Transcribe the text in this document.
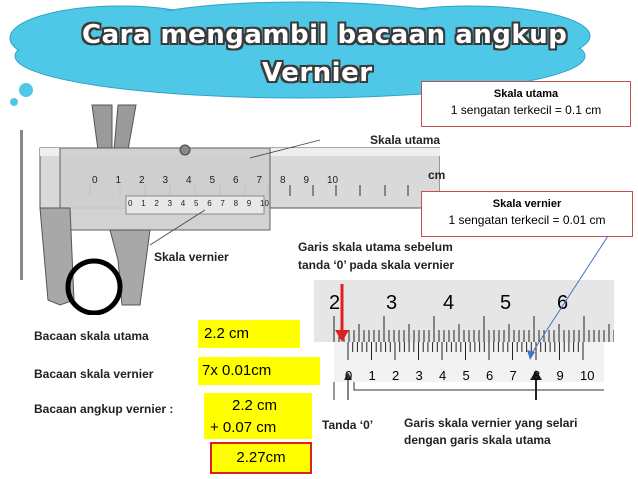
Cara mengambil bacaan angkup
Vernier
Skala utama
cm
Skala vernier
0 1 2 3 4 5 6 7 8 9 10
0 1 2 3 4 5 6 7 8 9 10
Skala utama
1 sengatan terkecil = 0.1 cm
Skala vernier
1 sengatan terkecil = 0.01 cm
Garis skala utama sebelum
tanda ‘0’ pada skala vernier
2 3 4 5 6
0 1 2 3 4 5 6 7 8 9 10
Tanda ‘0’	Garis skala vernier yang selari
dengan garis skala utama
Bacaan skala utama
Bacaan skala vernier
Bacaan angkup vernier :
2.2 cm
7x 0.01cm
2.2 cm
+ 0.07 cm
2.27cm
